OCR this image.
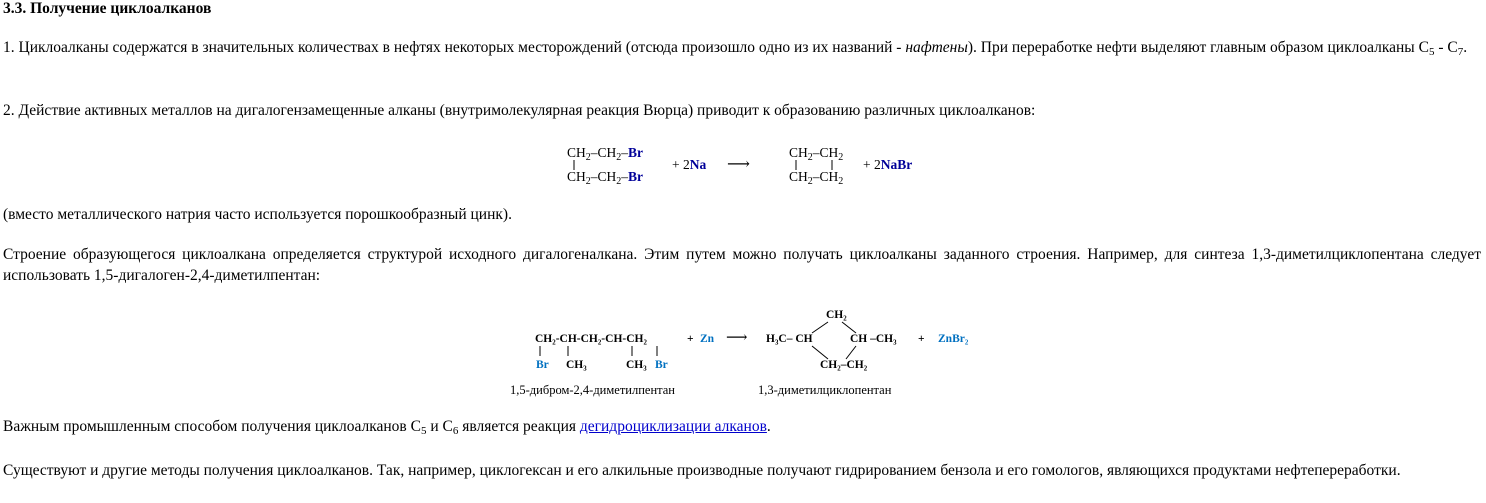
3.3. Получение циклоалканов
1. Циклоалканы содержатся в значительных количествах в нефтях некоторых месторождений (отсюда произошло одно из их названий - нафтены). При переработке нефти выделяют главным образом циклоалканы $C_5 - C_7$.
2. Действие активных металлов на дигалогензамещенные алканы (внутримолекулярная реакция Вюрца) приводит к образованию различных циклоалканов:
(вместо металлического натрия часто используется порошкообразный цинк).
Строение образующегося циклоалкана определяется структурой исходного дигалогеналкана. Этим путем можно получать циклоалканы заданного строения. Например, для синтеза 1,3-диметилциклопентана следует использовать 1,5-дигалоген-2,4-диметилпентан:
Важным промышленным способом получения циклоалканов $C_5$ и $C_6$ является реакция дегидроциклизации алканов.
Существуют и другие методы получения циклоалканов. Так, например, циклогексан и его алкильные производные получают гидрированием бензола и его гомологов, являющихся продуктами нефтепереработки.
$CH_2-CH_2-Br$
$CH_2-CH_2-Br$
+ 2Na ⟶
$CH_2-CH_2$
$CH_2-CH_2$
+ 2NaBr
CH₂-CH-CH₂-CH-CH₂
Br CH₃	CH₃ Br
+ Zn ⟶
CH₂
H₃C– CH	CH –CH₃
CH₂–CH₂
+ ZnBr₂
1,5-дибром-2,4-диметилпентан	1,3-диметилциклопентан
